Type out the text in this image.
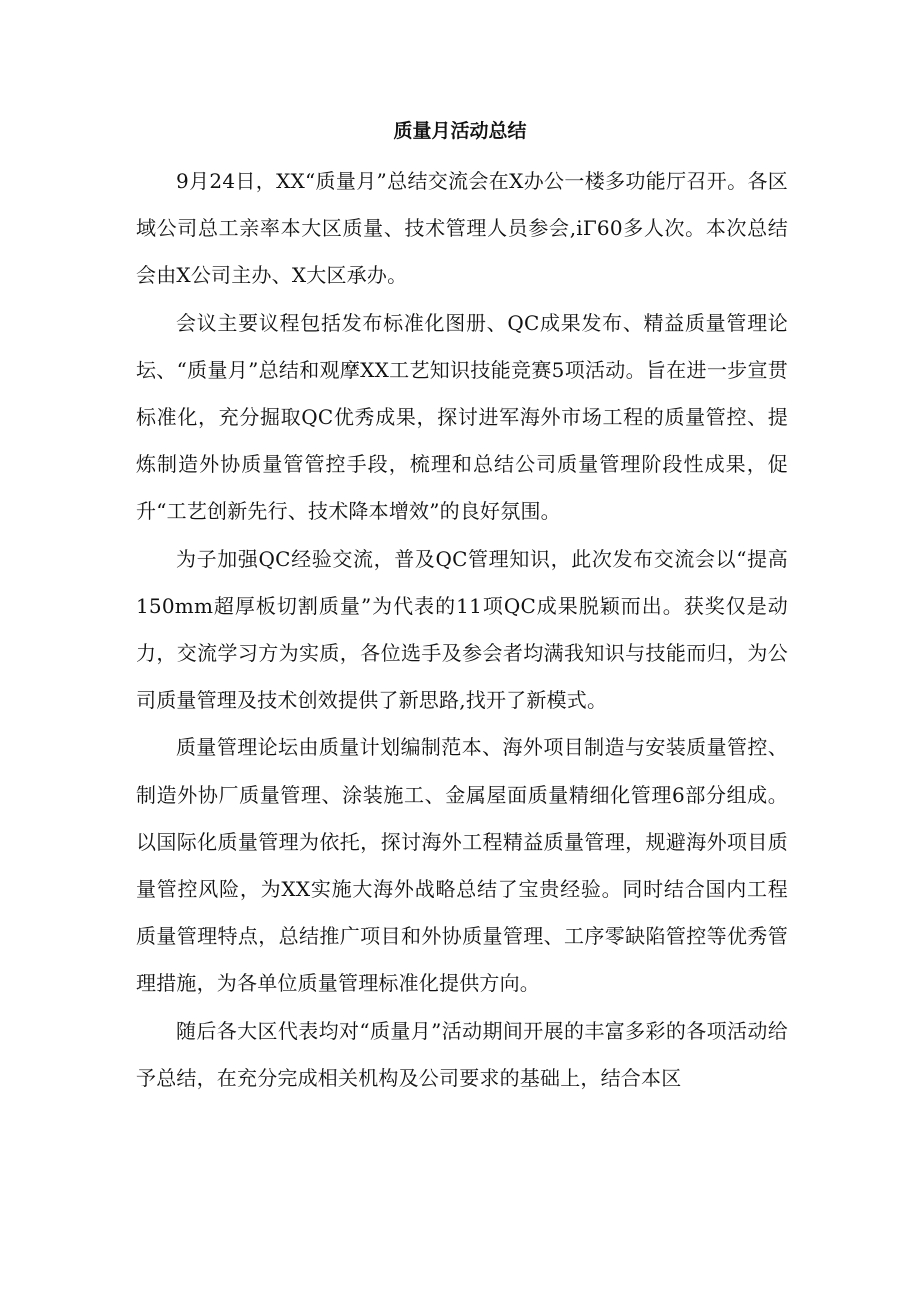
质量月活动总结

9月24日，XX“质量月”总结交流会在X办公一楼多功能厅召开。各区域公司总工亲率本大区质量、技术管理人员参会,iΓ60多人次。本次总结会由X公司主办、X大区承办。

会议主要议程包括发布标准化图册、QC成果发布、精益质量管理论坛、“质量月”总结和观摩XX工艺知识技能竞赛5项活动。旨在进一步宣贯标准化，充分掘取QC优秀成果，探讨进军海外市场工程的质量管控、提炼制造外协质量管管控手段，梳理和总结公司质量管理阶段性成果，促升“工艺创新先行、技术降本增效”的良好氛围。

为子加强QC经验交流，普及QC管理知识，此次发布交流会以“提高150mm超厚板切割质量”为代表的11项QC成果脱颖而出。获奖仅是动力，交流学习方为实质，各位选手及参会者均满我知识与技能而归，为公司质量管理及技术创效提供了新思路,找开了新模式。

质量管理论坛由质量计划编制范本、海外项目制造与安装质量管控、制造外协厂质量管理、涂装施工、金属屋面质量精细化管理6部分组成。以国际化质量管理为依托，探讨海外工程精益质量管理，规避海外项目质量管控风险，为XX实施大海外战略总结了宝贵经验。同时结合国内工程质量管理特点，总结推广项目和外协质量管理、工序零缺陷管控等优秀管理措施，为各单位质量管理标准化提供方向。

随后各大区代表均对“质量月”活动期间开展的丰富多彩的各项活动给予总结，在充分完成相关机构及公司要求的基础上，结合本区
